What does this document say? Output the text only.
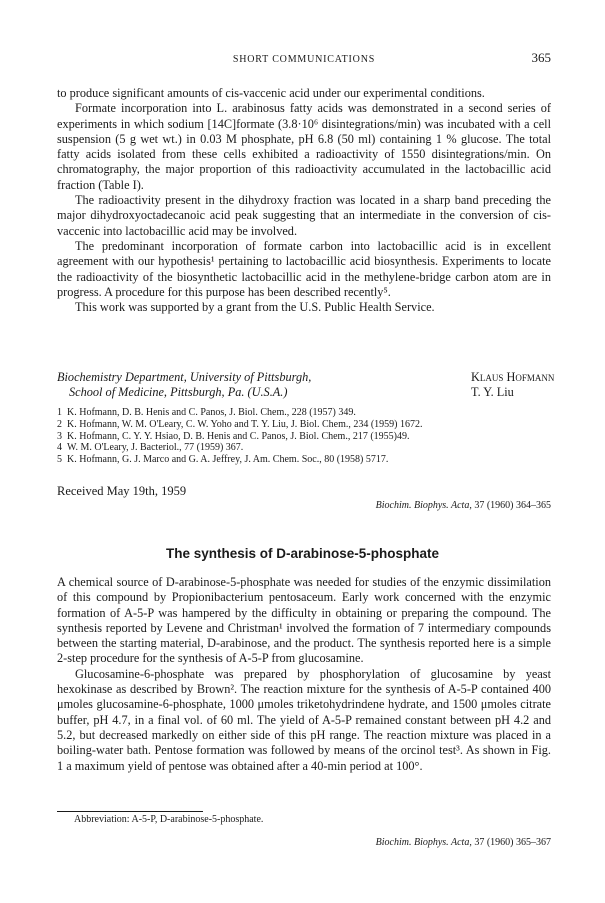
SHORT COMMUNICATIONS	365

to produce significant amounts of cis-vaccenic acid under our experimental conditions.

Formate incorporation into L. arabinosus fatty acids was demonstrated in a second series of experiments in which sodium [14C]formate (3.8·10⁶ disintegrations/min) was incubated with a cell suspension (5 g wet wt.) in 0.03 M phosphate, pH 6.8 (50 ml) containing 1 % glucose. The total fatty acids isolated from these cells exhibited a radioactivity of 1550 disintegrations/min. On chromatography, the major proportion of this radioactivity accumulated in the lactobacillic acid fraction (Table I).

The radioactivity present in the dihydroxy fraction was located in a sharp band preceding the major dihydroxyoctadecanoic acid peak suggesting that an intermediate in the conversion of cis-vaccenic into lactobacillic acid may be involved.

The predominant incorporation of formate carbon into lactobacillic acid is in excellent agreement with our hypothesis¹ pertaining to lactobacillic acid biosynthesis. Experiments to locate the radioactivity of the biosynthetic lactobacillic acid in the methylene-bridge carbon atom are in progress. A procedure for this purpose has been described recently⁵.

This work was supported by a grant from the U.S. Public Health Service.

Biochemistry Department, University of Pittsburgh,	Klaus Hofmann
School of Medicine, Pittsburgh, Pa. (U.S.A.)	T. Y. Liu
1 K. Hofmann, D. B. Henis and C. Panos, J. Biol. Chem., 228 (1957) 349.
2 K. Hofmann, W. M. O'Leary, C. W. Yoho and T. Y. Liu, J. Biol. Chem., 234 (1959) 1672.
3 K. Hofmann, C. Y. Y. Hsiao, D. B. Henis and C. Panos, J. Biol. Chem., 217 (1955)49.
4 W. M. O'Leary, J. Bacteriol., 77 (1959) 367.
5 K. Hofmann, G. J. Marco and G. A. Jeffrey, J. Am. Chem. Soc., 80 (1958) 5717.
Received May 19th, 1959
Biochim. Biophys. Acta, 37 (1960) 364–365
The synthesis of D-arabinose-5-phosphate

A chemical source of D-arabinose-5-phosphate was needed for studies of the enzymic dissimilation of this compound by Propionibacterium pentosaceum. Early work concerned with the enzymic formation of A-5-P was hampered by the difficulty in obtaining or preparing the compound. The synthesis reported by Levene and Christman¹ involved the formation of 7 intermediary compounds between the starting material, D-arabinose, and the product. The synthesis reported here is a simple 2-step procedure for the synthesis of A-5-P from glucosamine.

Glucosamine-6-phosphate was prepared by phosphorylation of glucosamine by yeast hexokinase as described by Brown². The reaction mixture for the synthesis of A-5-P contained 400 μmoles glucosamine-6-phosphate, 1000 μmoles triketohydrindene hydrate, and 1500 μmoles citrate buffer, pH 4.7, in a final vol. of 60 ml. The yield of A-5-P remained constant between pH 4.2 and 5.2, but decreased markedly on either side of this pH range. The reaction mixture was placed in a boiling-water bath. Pentose formation was followed by means of the orcinol test³. As shown in Fig. 1 a maximum yield of pentose was obtained after a 40-min period at 100°.

Abbreviation: A-5-P, D-arabinose-5-phosphate.
Biochim. Biophys. Acta, 37 (1960) 365–367
